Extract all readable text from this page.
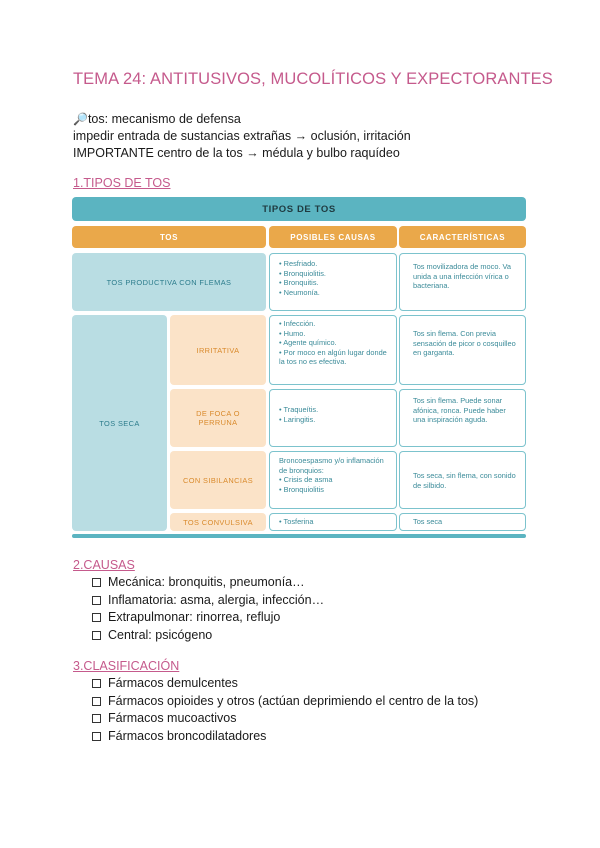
TEMA 24: ANTITUSIVOS, MUCOLÍTICOS Y EXPECTORANTES
🔎tos: mecanismo de defensa
impedir entrada de sustancias extrañas → oclusión, irritación
IMPORTANTE centro de la tos → médula y bulbo raquídeo
1.TIPOS DE TOS
TIPOS DE TOS
TOS	POSIBLES CAUSAS	CARACTERÍSTICAS
TOS PRODUCTIVA CON FLEMAS
• Resfriado.
• Bronquiolitis.
• Bronquitis.
• Neumonía.
Tos movilizadora de moco. Va unida a una infección vírica o bacteriana.
TOS SECA
IRRITATIVA
• Infección.
• Humo.
• Agente químico.
• Por moco en algún lugar donde la tos no es efectiva.
Tos sin flema. Con previa sensación de picor o cosquilleo en garganta.
DE FOCA O PERRUNA
• Traqueítis.
• Laringitis.
Tos sin flema. Puede sonar afónica, ronca. Puede haber una inspiración aguda.
CON SIBILANCIAS
Broncoespasmo y/o inflamación de bronquios:
• Crisis de asma
• Bronquiolitis
Tos seca, sin flema, con sonido de silbido.
TOS CONVULSIVA
•	Tosferina	Tos seca
2.CAUSAS
Mecánica: bronquitis, pneumonía…
Inflamatoria: asma, alergia, infección…
Extrapulmonar: rinorrea, reflujo
Central: psicógeno
3.CLASIFICACIÓN
Fármacos demulcentes
Fármacos opioides y otros (actúan deprimiendo el centro de la tos)
Fármacos mucoactivos
Fármacos broncodilatadores
